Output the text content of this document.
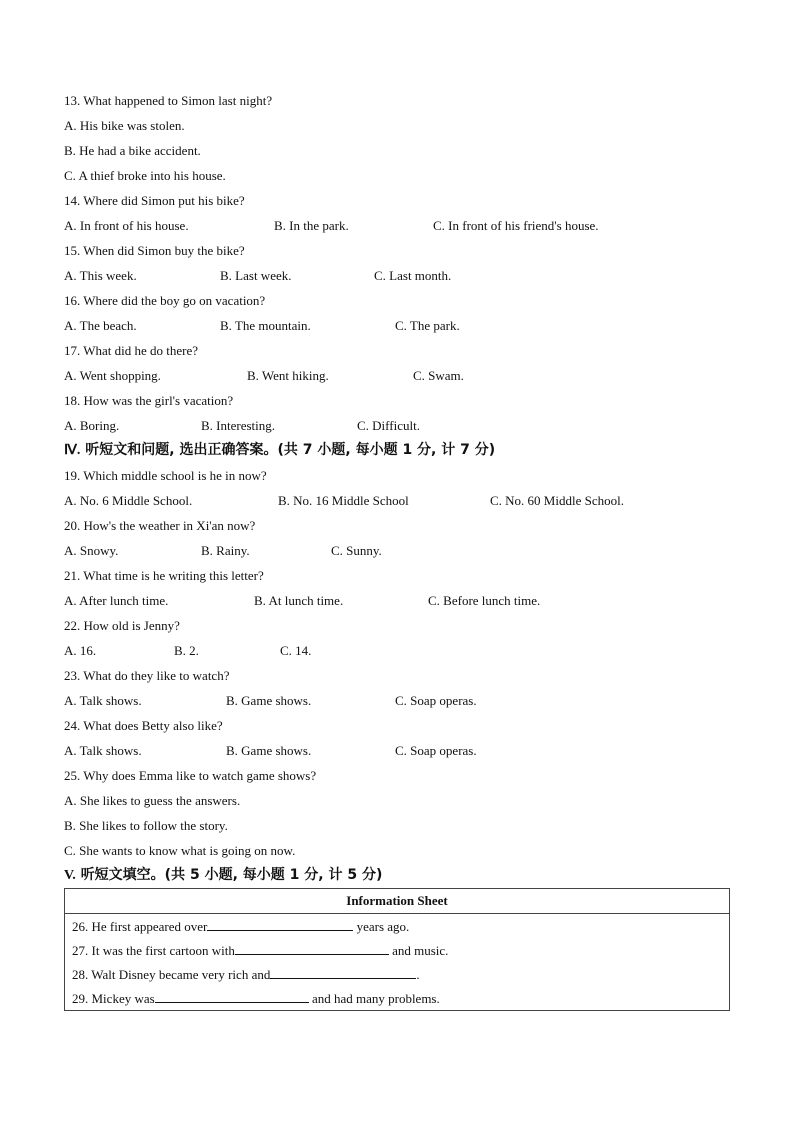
13. What happened to Simon last night?
A. His bike was stolen.
B. He had a bike accident.
C. A thief broke into his house.
14. Where did Simon put his bike?
A. In front of his house.	B. In the park.	C. In front of his friend's house.
15. When did Simon buy the bike?
A. This week.	B. Last week.	C. Last month.
16. Where did the boy go on vacation?
A. The beach.	B. The mountain.	C. The park.
17. What did he do there?
A. Went shopping.	B. Went hiking.	C. Swam.
18. How was the girl's vacation?
A. Boring.	B. Interesting.	C. Difficult.
Ⅳ. 听短文和问题, 选出正确答案。(共 7 小题, 每小题 1 分, 计 7 分)
19. Which middle school is he in now?
A. No. 6 Middle School.	B. No. 16 Middle School	C. No. 60 Middle School.
20. How's the weather in Xi'an now?
A. Snowy.	B. Rainy.	C. Sunny.
21. What time is he writing this letter?
A. After lunch time.	B. At lunch time.	C. Before lunch time.
22. How old is Jenny?
A. 16.	B. 2.	C. 14.
23. What do they like to watch?
A. Talk shows.	B. Game shows.	C. Soap operas.
24. What does Betty also like?
A. Talk shows.	B. Game shows.	C. Soap operas.
25. Why does Emma like to watch game shows?
A. She likes to guess the answers.
B. She likes to follow the story.
C. She wants to know what is going on now.
V. 听短文填空。(共 5 小题, 每小题 1 分, 计 5 分)
Information Sheet
26. He first appeared over	years ago.
27. It was the first cartoon with	and music.
28. Walt Disney became very rich and	.
29. Mickey was	and had many problems.
